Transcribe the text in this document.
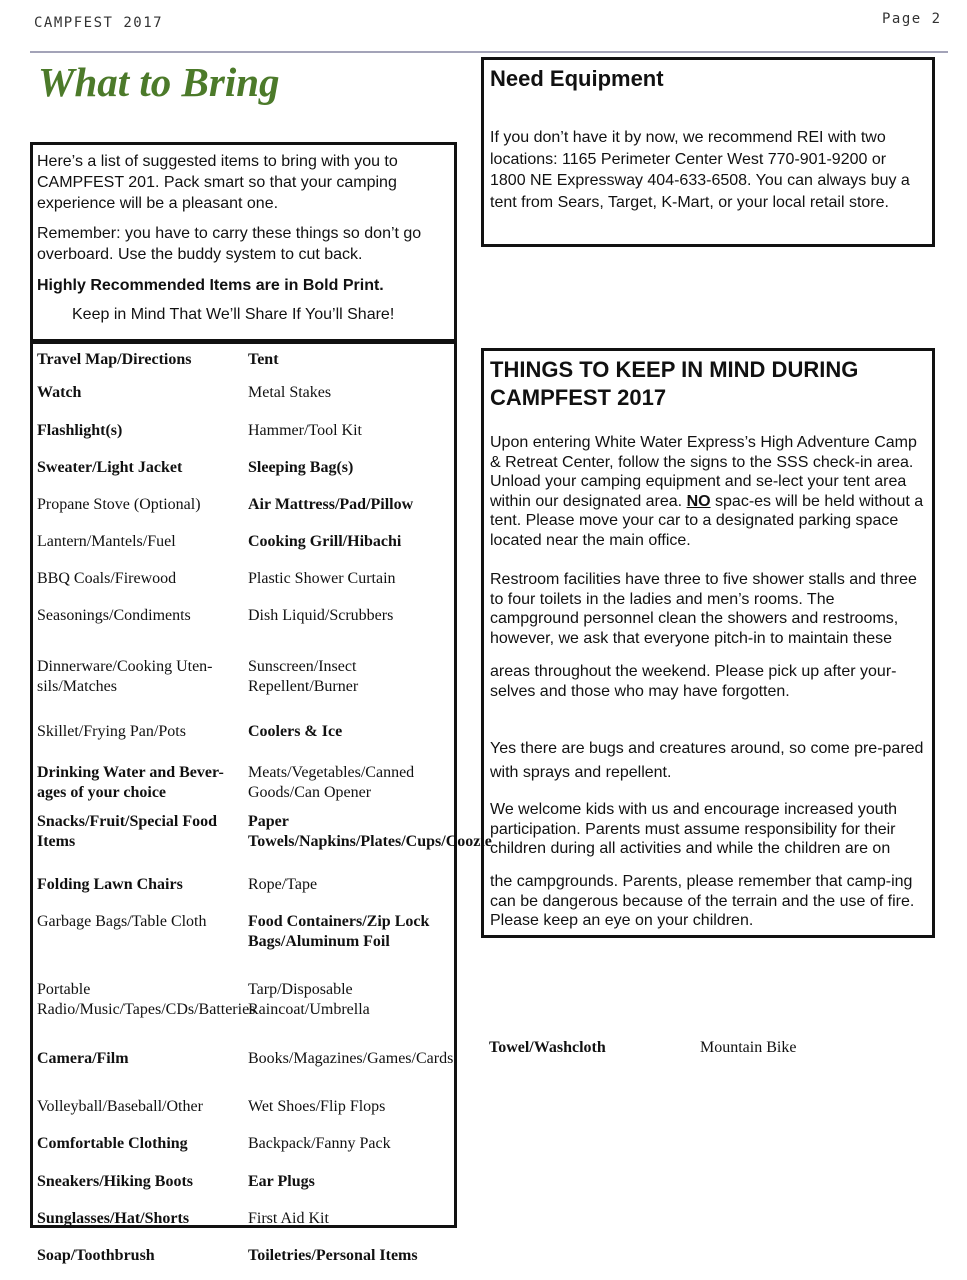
CAMPFEST 2017	Page 2
What to Bring

Here’s a list of suggested items to bring with you to CAMPFEST 201. Pack smart so that your camping experience will be a pleasant one.

Remember: you have to carry these things so don’t go overboard. Use the buddy system to cut back.

Highly Recommended Items are in Bold Print.

Keep in Mind That We’ll Share If You’ll Share!

Travel Map/Directions
Watch
Flashlight(s)
Sweater/Light Jacket
Propane Stove (Optional)
Lantern/Mantels/Fuel
BBQ Coals/Firewood
Seasonings/Condiments
Dinnerware/Cooking Uten-sils/Matches
Skillet/Frying Pan/Pots
Drinking Water and Bever-ages of your choice
Snacks/Fruit/Special Food Items
Folding Lawn Chairs
Garbage Bags/Table Cloth
Portable Radio/Music/Tapes/CDs/Batteries
Camera/Film
Volleyball/Baseball/Other
Comfortable Clothing
Sneakers/Hiking Boots
Sunglasses/Hat/Shorts
Soap/Toothbrush
Tent
Metal Stakes
Hammer/Tool Kit
Sleeping Bag(s)
Air Mattress/Pad/Pillow
Cooking Grill/Hibachi
Plastic Shower Curtain
Dish Liquid/Scrubbers
Sunscreen/Insect Repellent/Burner
Coolers & Ice
Meats/Vegetables/Canned Goods/Can Opener
Paper Towels/Napkins/Plates/Cups/Coozie
Rope/Tape
Food Containers/Zip Lock Bags/Aluminum Foil
Tarp/Disposable Raincoat/Umbrella
Books/Magazines/Games/Cards
Wet Shoes/Flip Flops
Backpack/Fanny Pack
Ear Plugs
First Aid Kit
Toiletries/Personal Items
Need Equipment

If you don’t have it by now, we recommend REI with two locations: 1165 Perimeter Center West 770-901-9200 or 1800 NE Expressway 404-633-6508. You can always buy a tent from Sears, Target, K-Mart, or your local retail store.

THINGS TO KEEP IN MIND DURING CAMPFEST 2017

Upon entering White Water Express’s High Adventure Camp & Retreat Center, follow the signs to the SSS check-in area. Unload your camping equipment and se-lect your tent area within our designated area. NO spac-es will be held without a tent. Please move your car to a designated parking space located near the main office.

Restroom facilities have three to five shower stalls and three to four toilets in the ladies and men’s rooms. The campground personnel clean the showers and restrooms, however, we ask that everyone pitch-in to maintain these

areas throughout the weekend. Please pick up after your-selves and those who may have forgotten.

Yes there are bugs and creatures around, so come pre-pared with sprays and repellent.

We welcome kids with us and encourage increased youth participation. Parents must assume responsibility for their children during all activities and while the children are on

the campgrounds. Parents, please remember that camp-ing can be dangerous because of the terrain and the use of fire. Please keep an eye on your children.

Towel/Washcloth	Mountain Bike
